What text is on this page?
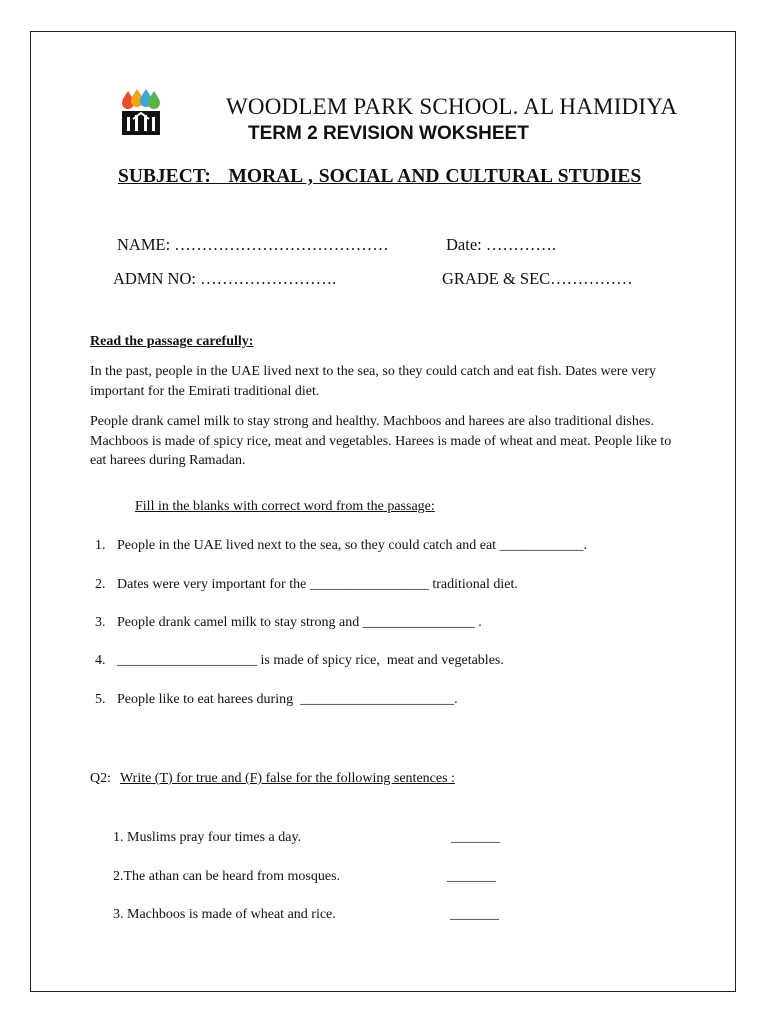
WOODLEM PARK SCHOOL. AL HAMIDIYA
TERM 2 REVISION WOKSHEET
SUBJECT:   MORAL , SOCIAL AND CULTURAL STUDIES
NAME: …………………………………	Date: ………….
ADMN NO: …………………….	GRADE & SEC……………
Read the passage carefully:
In the past, people in the UAE lived next to the sea, so they could catch and eat fish. Dates were very important for the Emirati traditional diet.
People drank camel milk to stay strong and healthy. Machboos and harees are also traditional dishes. Machboos is made of spicy rice, meat and vegetables. Harees is made of wheat and meat. People like to eat harees during Ramadan.
Fill in the blanks with correct word from the passage:
1. People in the UAE lived next to the sea, so they could catch and eat ____________.
2. Dates were very important for the _________________ traditional diet.
3. People drank camel milk to stay strong and ________________ .
4. ____________________ is made of spicy rice,  meat and vegetables.
5. People like to eat harees during  ______________________.
Q2: Write (T) for true and (F) false for the following sentences :
1. Muslims pray four times a day.	_______
2.The athan can be heard from mosques.	_______
3. Machboos is made of wheat and rice.	_______
